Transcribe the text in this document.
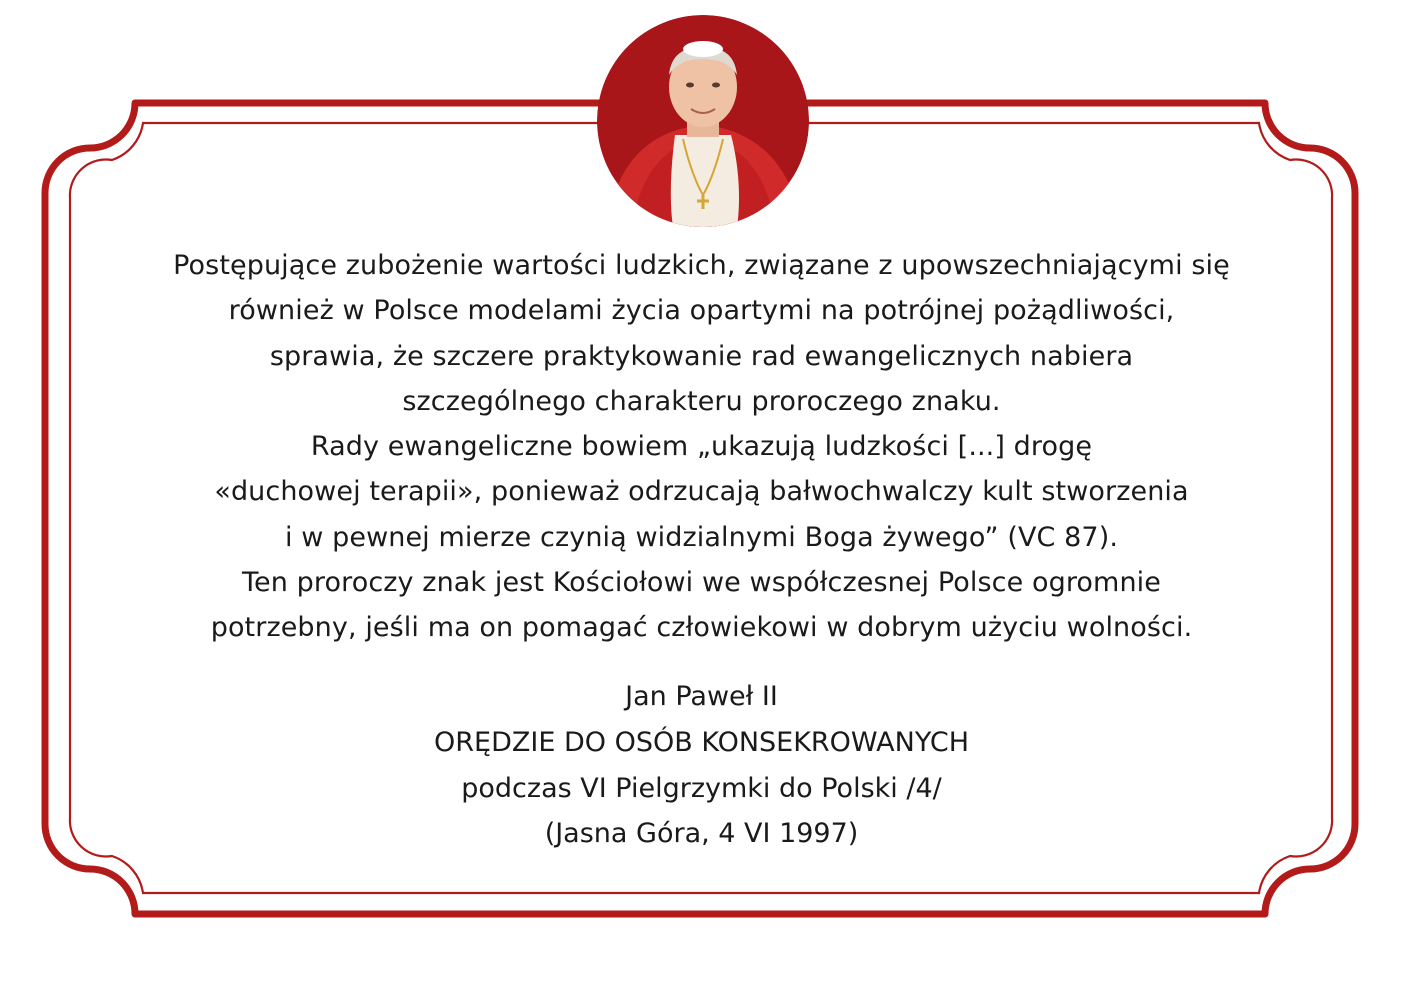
Postępujące zubożenie wartości ludzkich, związane z upowszechniającymi się
również w Polsce modelami życia opartymi na potrójnej pożądliwości,
sprawia, że szczere praktykowanie rad ewangelicznych nabiera
szczególnego charakteru proroczego znaku.
Rady ewangeliczne bowiem „ukazują ludzkości [...] drogę
«duchowej terapii», ponieważ odrzucają bałwochwalczy kult stworzenia
i w pewnej mierze czynią widzialnymi Boga żywego” (VC 87).
Ten proroczy znak jest Kościołowi we współczesnej Polsce ogromnie
potrzebny, jeśli ma on pomagać człowiekowi w dobrym użyciu wolności.
Jan Paweł II
ORĘDZIE DO OSÓB KONSEKROWANYCH
podczas VI Pielgrzymki do Polski /4/
(Jasna Góra, 4 VI 1997)
